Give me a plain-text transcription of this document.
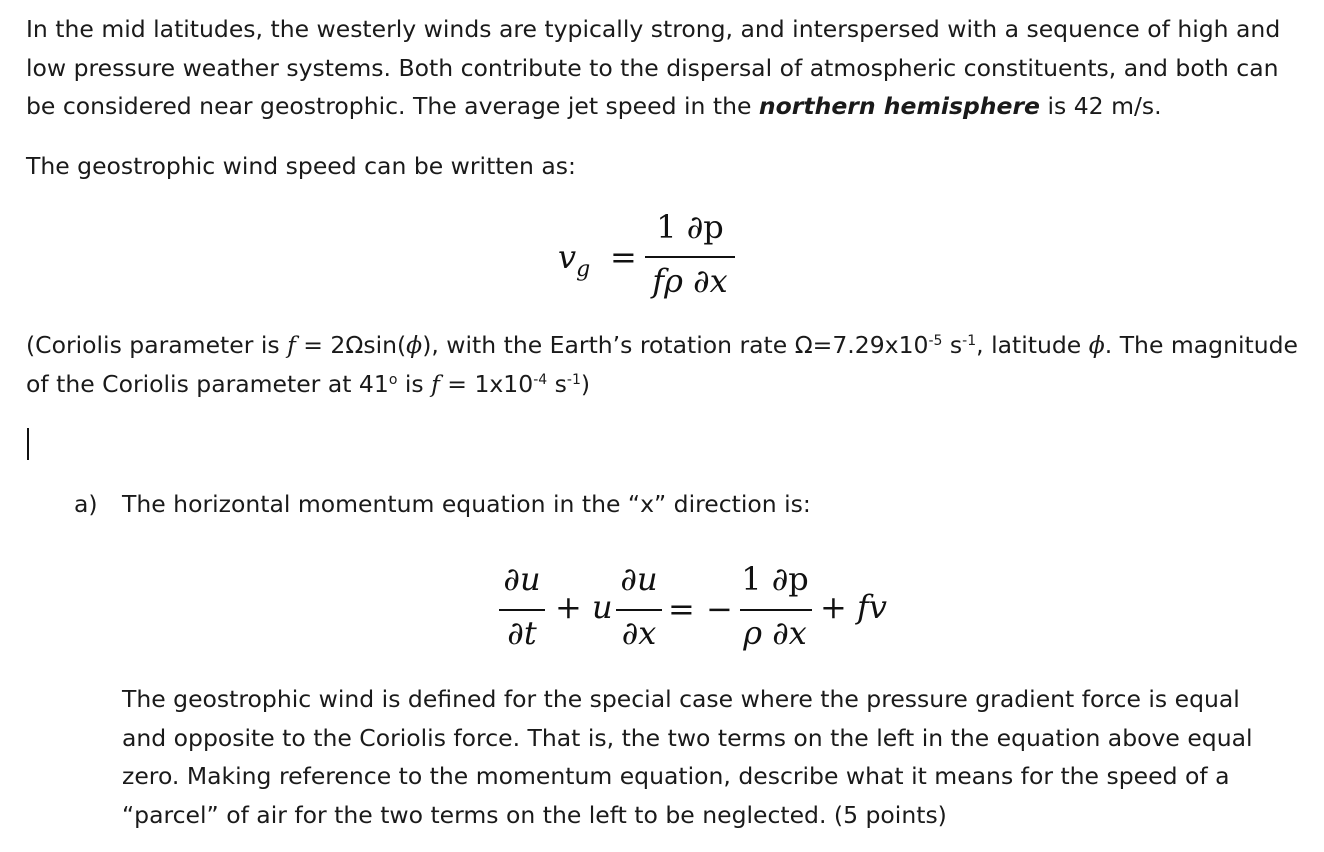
In the mid latitudes, the westerly winds are typically strong, and interspersed with a sequence of high and low pressure weather systems. Both contribute to the dispersal of atmospheric constituents, and both can be considered near geostrophic. The average jet speed in the northern hemisphere is 42 m/s.

The geostrophic wind speed can be written as:

$v_g$ =
1 ∂p
fρ ∂x

(Coriolis parameter is f = 2Ωsin(ϕ), with the Earth’s rotation rate $\Omega=7.29x10^{-5}$ $s^{-1}$, latitude ϕ. The magnitude of the Coriolis parameter at 41$^o$ is $f = 1x10^{-4}$ $s^{-1}$)

a)	The horizontal momentum equation in the “x” direction is:

∂u
∂t
+ u
∂u
∂x
= −
1 ∂p
ρ ∂x
+ fv

The geostrophic wind is defined for the special case where the pressure gradient force is equal and opposite to the Coriolis force. That is, the two terms on the left in the equation above equal zero. Making reference to the momentum equation, describe what it means for the speed of a “parcel” of air for the two terms on the left to be neglected. (5 points)
